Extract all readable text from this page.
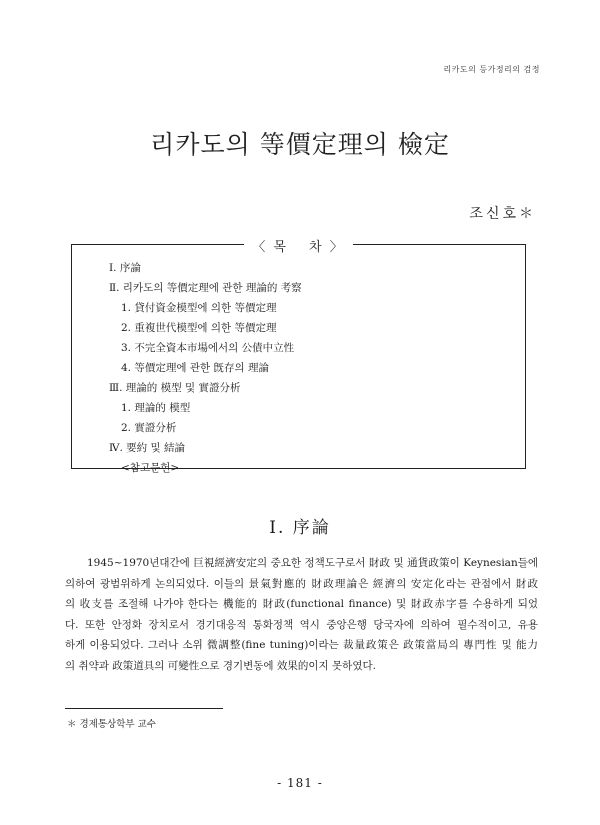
리카도의 등가정리의 검정
리카도의 等價定理의 檢定
조신호＊
〈 목　 차 〉
Ⅰ. 序論
Ⅱ. 리카도의 等價定理에 관한 理論的 考察
1. 貸付資金模型에 의한 等價定理
2. 重複世代模型에 의한 等價定理
3. 不完全資本市場에서의 公債中立性
4. 等價定理에 관한 旣存의 理論
Ⅲ. 理論的 模型 및 實證分析
1. 理論的 模型
2. 實證分析
Ⅳ. 要約 및 結論
<참고문헌>
Ⅰ. 序論
1945~1970년대간에 巨視經濟安定의 중요한 정책도구로서 財政 및 通貨政策이 Keynesian들에
의하여 광범위하게 논의되었다. 이들의 景氣對應的 財政理論은 經濟의 安定化라는 관점에서 財政
의 收支를 조절해 나가야 한다는 機能的 財政(functional finance) 및 財政赤字를 수용하게 되었
다. 또한 안정화 장치로서 경기대응적 통화정책 역시 중앙은행 당국자에 의하여 필수적이고, 유용
하게 이용되었다. 그러나 소위 微調整(fine tuning)이라는 裁量政策은 政策當局의 專門性 및 能力
의 취약과 政策道具의 可變性으로 경기변동에 效果的이지 못하였다.
＊ 경제통상학부 교수
- 181 -
